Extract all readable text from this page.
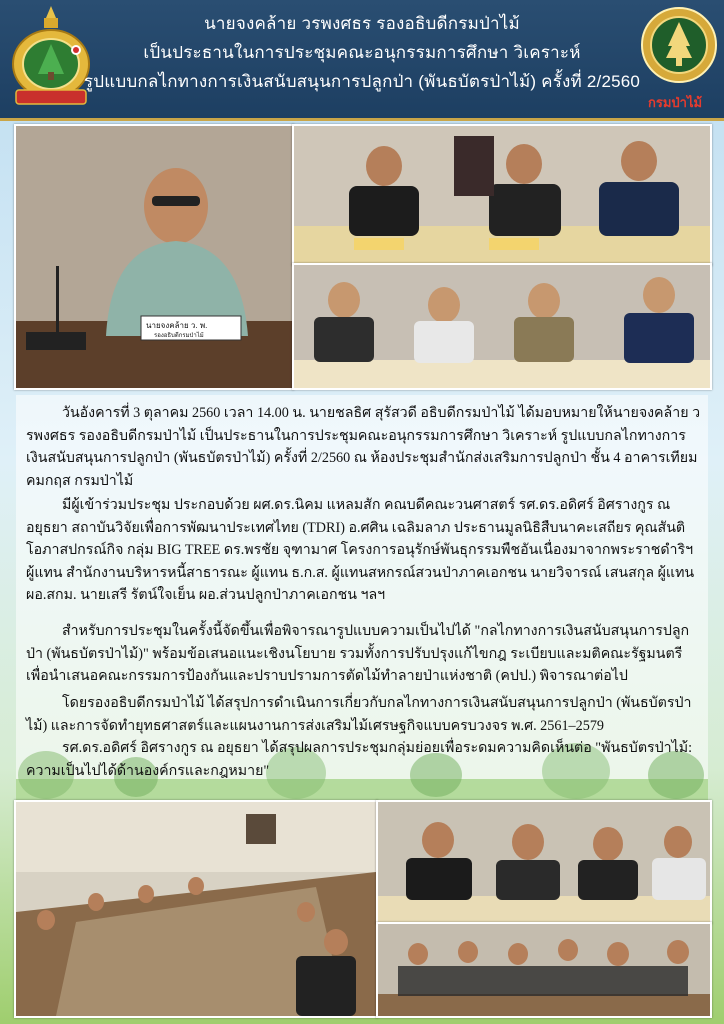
นายจงคล้าย วรพงศธร รองอธิบดีกรมป่าไม้
เป็นประธานในการประชุมคณะอนุกรรมการศึกษา วิเคราะห์
รูปแบบกลไกทางการเงินสนับสนุนการปลูกป่า (พันธบัตรป่าไม้) ครั้งที่ 2/2560
กรมป่าไม้
นายจงคล้าย ว. พ.
รองอธิบดีกรมป่าไม้

วันอังคารที่ 3 ตุลาคม 2560 เวลา 14.00 น. นายชลธิศ สุรัสวดี อธิบดีกรมป่าไม้ ได้มอบหมายให้นายจงคล้าย วรพงศธร รองอธิบดีกรมป่าไม้ เป็นประธานในการประชุมคณะอนุกรรมการศึกษา วิเคราะห์ รูปแบบกลไกทางการเงินสนับสนุนการปลูกป่า (พันธบัตรป่าไม้) ครั้งที่ 2/2560 ณ ห้องประชุมสำนักส่งเสริมการปลูกป่า ชั้น 4 อาคารเทียมคมกฤส กรมป่าไม้

มีผู้เข้าร่วมประชุม ประกอบด้วย ผศ.ดร.นิคม แหลมสัก คณบดีคณะวนศาสตร์ รศ.ดร.อดิศร์ อิศรางกูร ณ อยุธยา สถาบันวิจัยเพื่อการพัฒนาประเทศไทย (TDRI) อ.ศศิน เฉลิมลาภ ประธานมูลนิธิสืบนาคะเสถียร คุณสันติ โอภาสปกรณ์กิจ กลุ่ม BIG TREE ดร.พรชัย จุฑามาศ โครงการอนุรักษ์พันธุกรรมพืชอันเนื่องมาจากพระราชดำริฯ ผู้แทน สำนักงานบริหารหนี้สาธารณะ ผู้แทน ธ.ก.ส. ผู้แทนสหกรณ์สวนป่าภาคเอกชน นายวิจารณ์ เสนสกุล ผู้แทน ผอ.สกม. นายเสรี รัตน์ใจเย็น ผอ.ส่วนปลูกป่าภาคเอกชน ฯลฯ

สำหรับการประชุมในครั้งนี้จัดขึ้นเพื่อพิจารณารูปแบบความเป็นไปได้ "กลไกทางการเงินสนับสนุนการปลูกป่า (พันธบัตรป่าไม้)" พร้อมข้อเสนอแนะเชิงนโยบาย รวมทั้งการปรับปรุงแก้ไขกฎ ระเบียบและมติคณะรัฐมนตรี เพื่อนำเสนอคณะกรรมการป้องกันและปราบปรามการตัดไม้ทำลายป่าแห่งชาติ (คปป.) พิจารณาต่อไป

โดยรองอธิบดีกรมป่าไม้ ได้สรุปการดำเนินการเกี่ยวกับกลไกทางการเงินสนับสนุนการปลูกป่า (พันธบัตรป่าไม้) และการจัดทำยุทธศาสตร์และแผนงานการส่งเสริมไม้เศรษฐกิจแบบครบวงจร พ.ศ. 2561–2579

รศ.ดร.อดิศร์ อิศรางกูร ณ อยุธยา ได้สรุปผลการประชุมกลุ่มย่อยเพื่อระดมความคิดเห็นต่อ "พันธบัตรป่าไม้: ความเป็นไปได้ด้านองค์กรและกฎหมาย"
